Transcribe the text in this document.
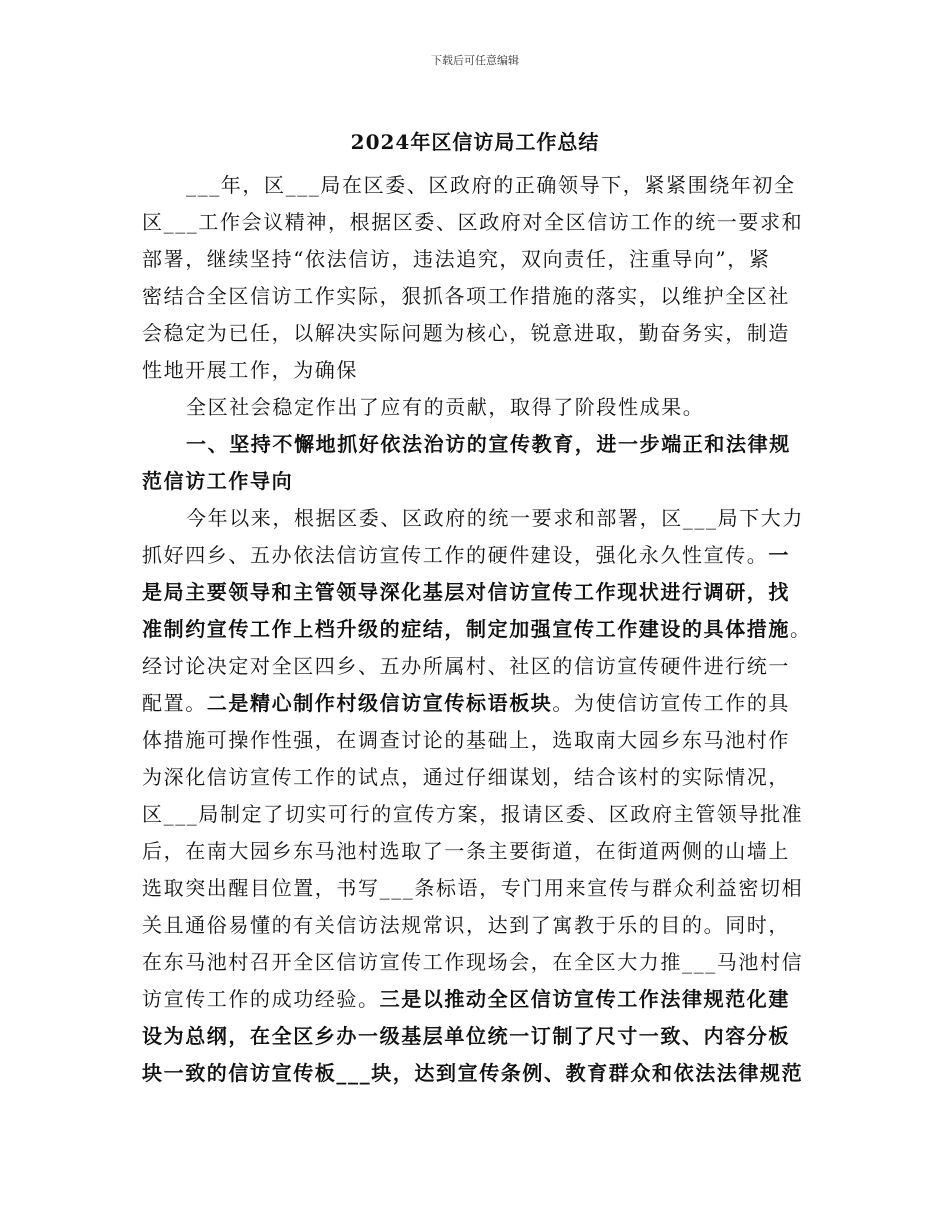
下载后可任意编辑
2024年区信访局工作总结
___年，区___局在区委、区政府的正确领导下，紧紧围绕年初全
区___工作会议精神，根据区委、区政府对全区信访工作的统一要求和
部署，继续坚持“依法信访，违法追究，双向责任，注重导向”，紧
密结合全区信访工作实际，狠抓各项工作措施的落实，以维护全区社
会稳定为已任，以解决实际问题为核心，锐意进取，勤奋务实，制造
性地开展工作，为确保
全区社会稳定作出了应有的贡献，取得了阶段性成果。
一、坚持不懈地抓好依法治访的宣传教育，进一步端正和法律规
范信访工作导向
今年以来，根据区委、区政府的统一要求和部署，区___局下大力
抓好四乡、五办依法信访宣传工作的硬件建设，强化永久性宣传。一
是局主要领导和主管领导深化基层对信访宣传工作现状进行调研，找
准制约宣传工作上档升级的症结，制定加强宣传工作建设的具体措施。
经讨论决定对全区四乡、五办所属村、社区的信访宣传硬件进行统一
配置。二是精心制作村级信访宣传标语板块。为使信访宣传工作的具
体措施可操作性强，在调查讨论的基础上，选取南大园乡东马池村作
为深化信访宣传工作的试点，通过仔细谋划，结合该村的实际情况，
区___局制定了切实可行的宣传方案，报请区委、区政府主管领导批准
后，在南大园乡东马池村选取了一条主要街道，在街道两侧的山墙上
选取突出醒目位置，书写___条标语，专门用来宣传与群众利益密切相
关且通俗易懂的有关信访法规常识，达到了寓教于乐的目的。同时，
在东马池村召开全区信访宣传工作现场会，在全区大力推___马池村信
访宣传工作的成功经验。三是以推动全区信访宣传工作法律规范化建
设为总纲，在全区乡办一级基层单位统一订制了尺寸一致、内容分板
块一致的信访宣传板___块，达到宣传条例、教育群众和依法法律规范
